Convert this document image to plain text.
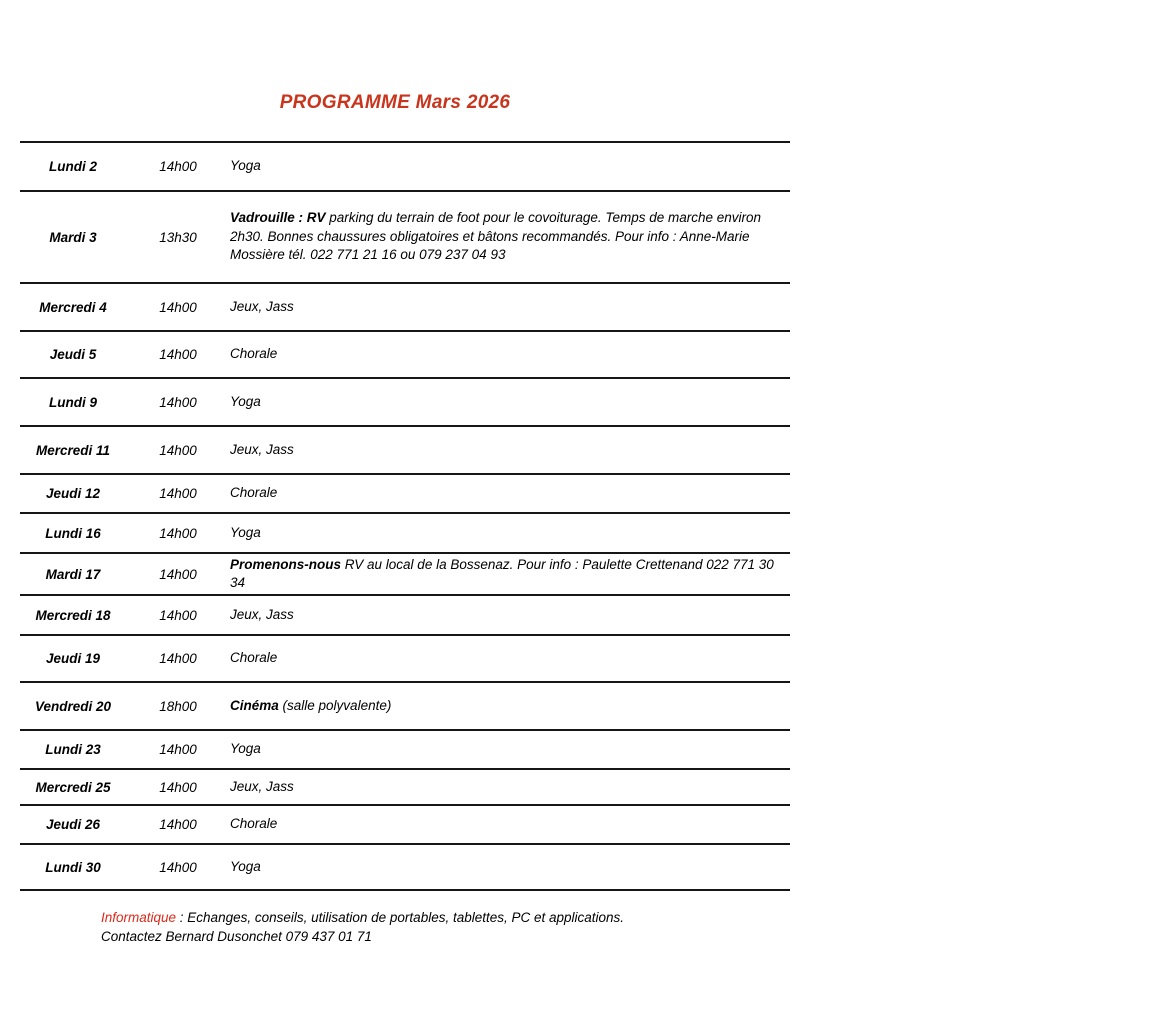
PROGRAMME Mars 2026
Lundi 2	14h00	Yoga
Mardi 3	13h30	Vadrouille : RV parking du terrain de foot pour le covoiturage. Temps de marche environ 2h30. Bonnes chaussures obligatoires et bâtons recommandés. Pour info : Anne-Marie Mossière tél. 022 771 21 16 ou 079 237 04 93
Mercredi 4	14h00	Jeux, Jass
Jeudi 5	14h00	Chorale
Lundi 9	14h00	Yoga
Mercredi 11	14h00	Jeux, Jass
Jeudi 12	14h00	Chorale
Lundi 16	14h00	Yoga
Mardi 17	14h00	Promenons-nous RV au local de la Bossenaz. Pour info : Paulette Crettenand 022 771 30 34
Mercredi 18	14h00	Jeux, Jass
Jeudi 19	14h00	Chorale
Vendredi 20	18h00	Cinéma (salle polyvalente)
Lundi 23	14h00	Yoga
Mercredi 25	14h00	Jeux, Jass
Jeudi 26	14h00	Chorale
Lundi 30	14h00	Yoga
Informatique : Echanges, conseils, utilisation de portables, tablettes, PC et applications.
Contactez Bernard Dusonchet 079 437 01 71
